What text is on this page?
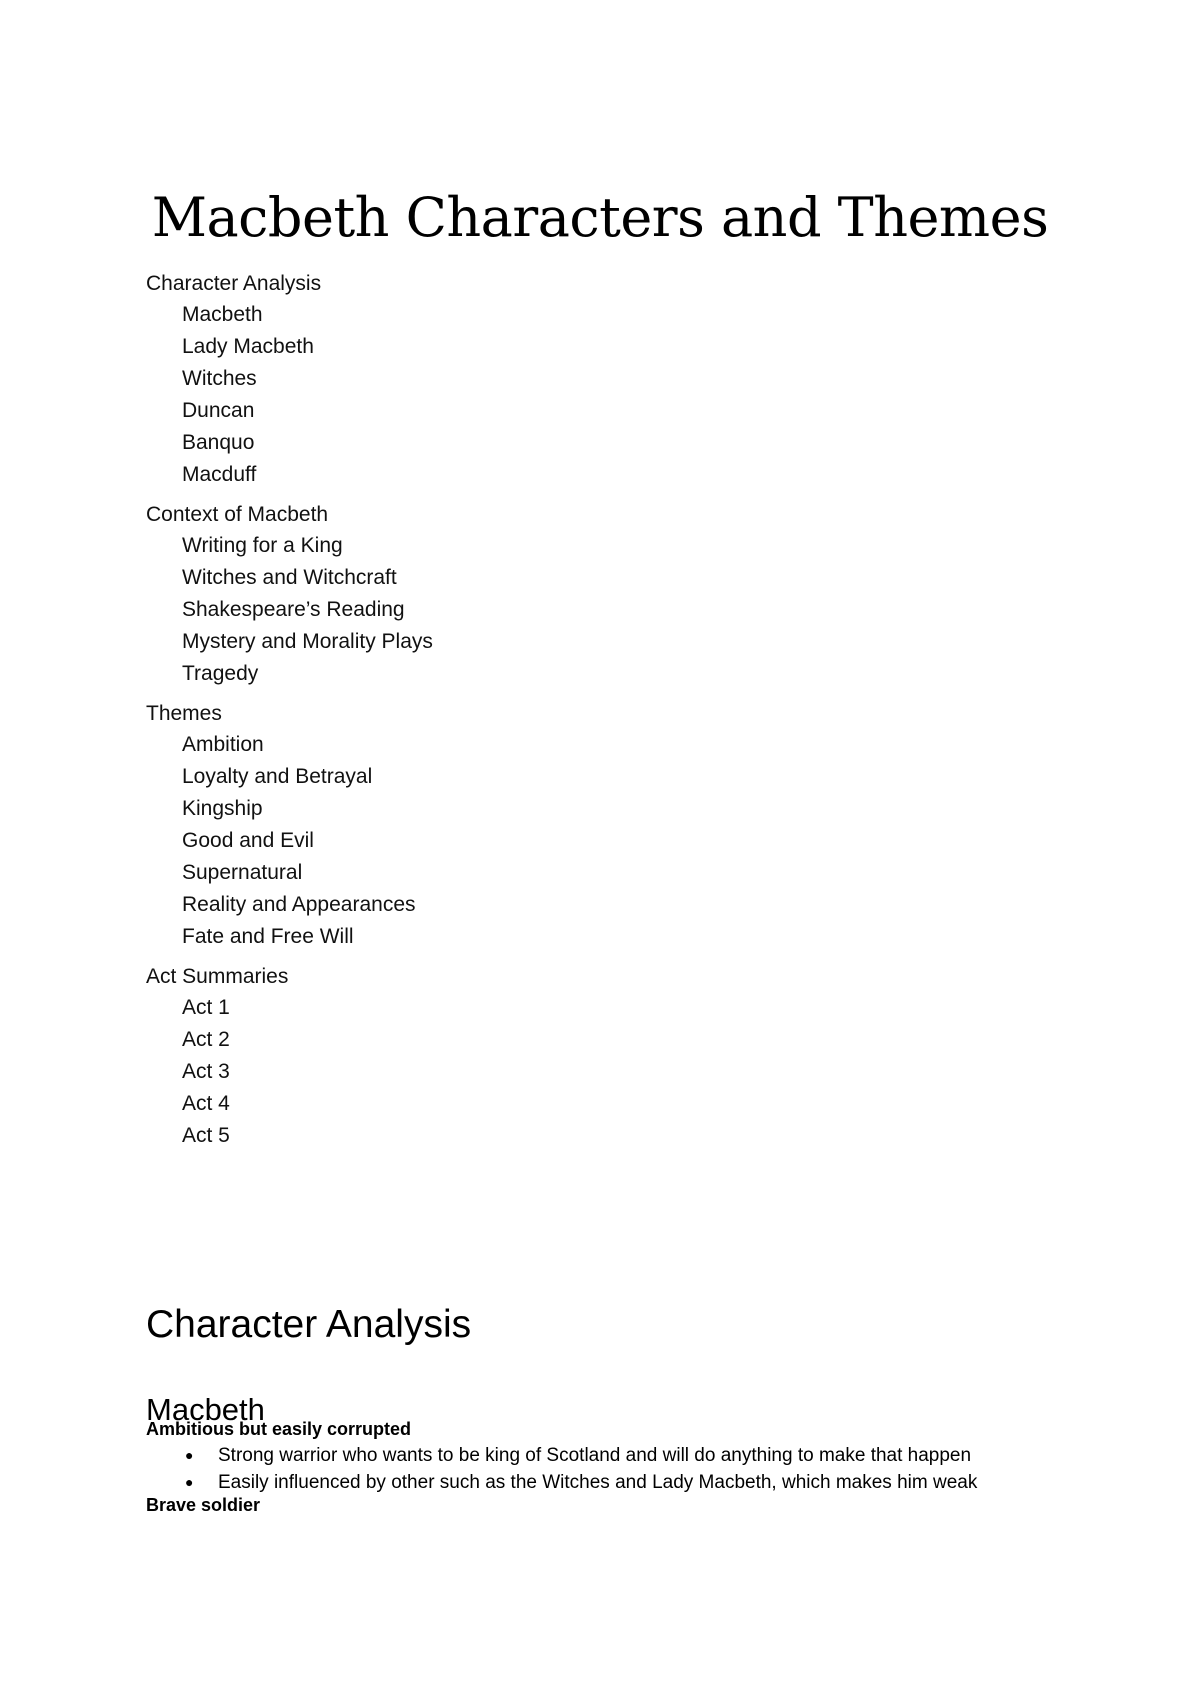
Macbeth Characters and Themes
Character Analysis
Macbeth
Lady Macbeth
Witches
Duncan
Banquo
Macduff
Context of Macbeth
Writing for a King
Witches and Witchcraft
Shakespeare’s Reading
Mystery and Morality Plays
Tragedy
Themes
Ambition
Loyalty and Betrayal
Kingship
Good and Evil
Supernatural
Reality and Appearances
Fate and Free Will
Act Summaries
Act 1
Act 2
Act 3
Act 4
Act 5
Character Analysis
Macbeth
Ambitious but easily corrupted
● Strong warrior who wants to be king of Scotland and will do anything to make that happen
● Easily influenced by other such as the Witches and Lady Macbeth, which makes him weak
Brave soldier
